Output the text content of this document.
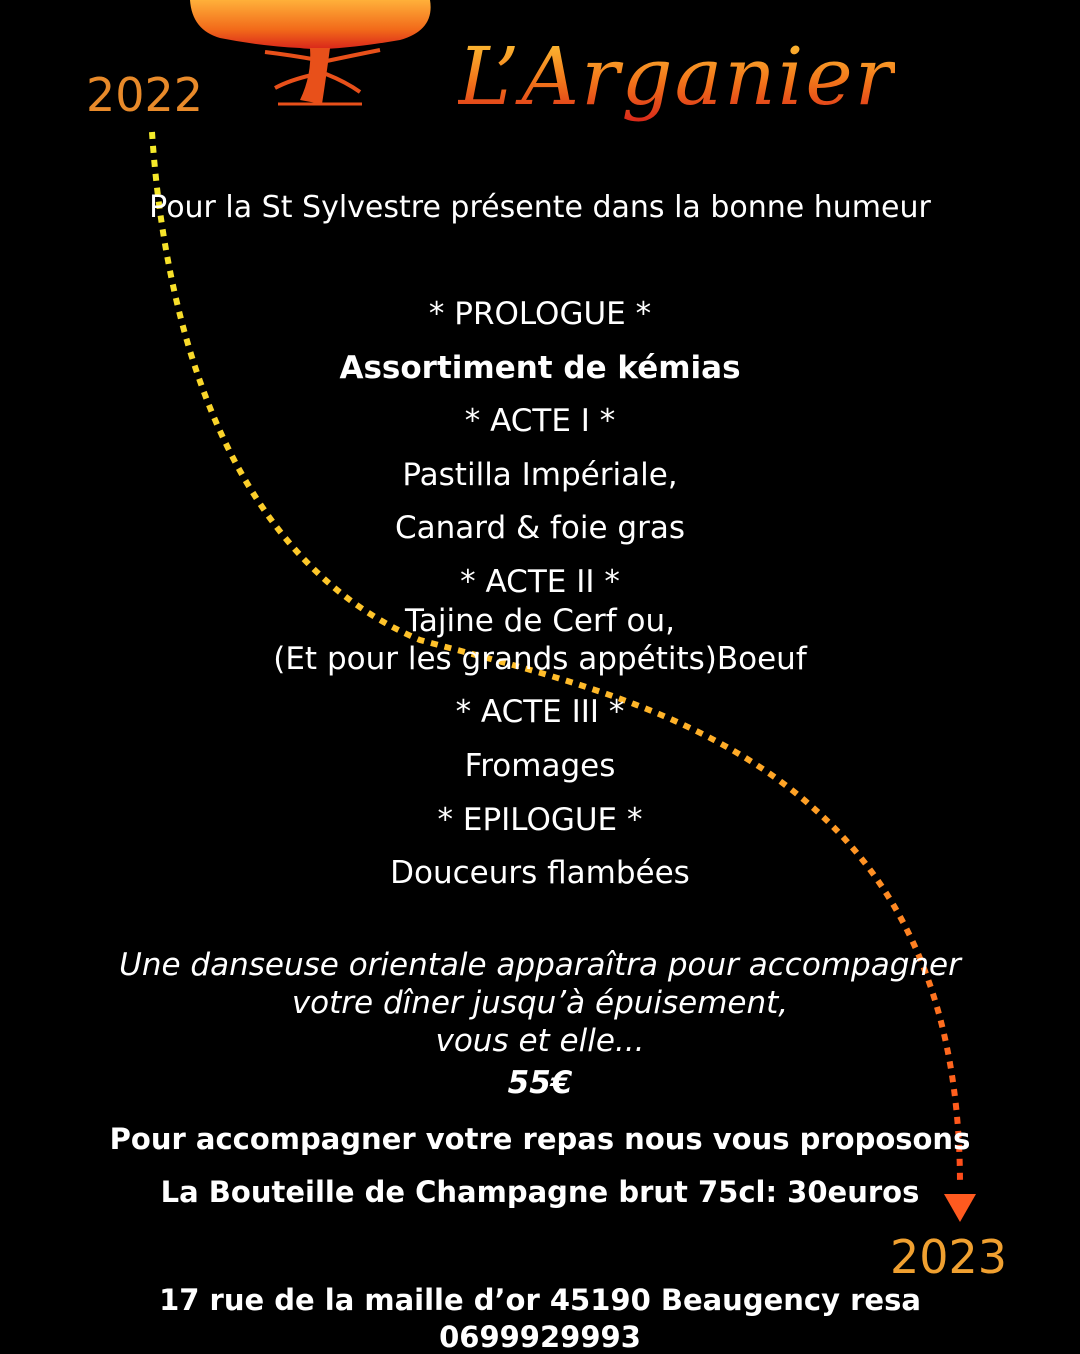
2022	L’Arganier
Pour la St Sylvestre présente dans la bonne humeur
* PROLOGUE *
Assortiment de kémias
* ACTE I *
Pastilla Impériale,
Canard & foie gras
* ACTE II *
Tajine de Cerf ou,
(Et pour les grands appétits)Boeuf
* ACTE III *
Fromages
* EPILOGUE *
Douceurs flambées
Une danseuse orientale apparaîtra pour accompagner
votre dîner jusqu’à épuisement,
vous et elle...
55€
Pour accompagner votre repas nous vous proposons
La Bouteille de Champagne brut 75cl: 30euros
2023
17 rue de la maille d’or 45190 Beaugency resa
0699929993
